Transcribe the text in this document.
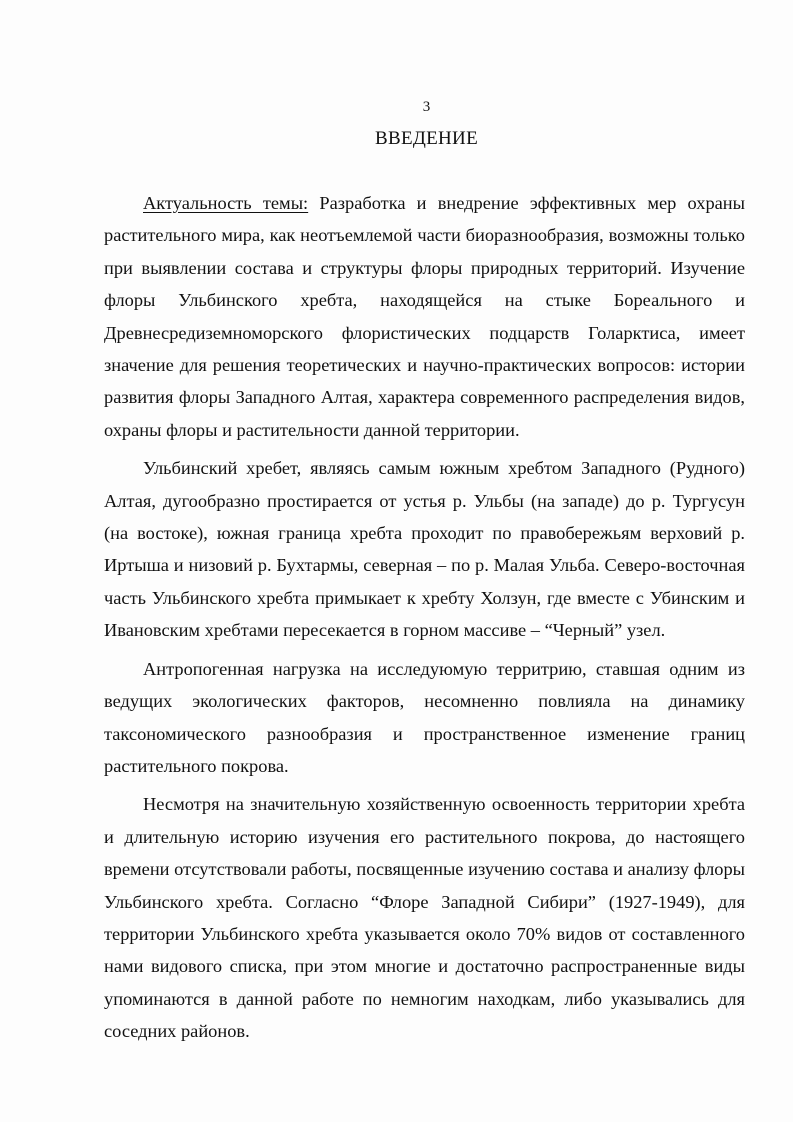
3
ВВЕДЕНИЕ

Актуальность темы: Разработка и внедрение эффективных мер охраны растительного мира, как неотъемлемой части биоразнообразия, возможны только при выявлении состава и структуры флоры природных территорий. Изучение флоры Ульбинского хребта, находящейся на стыке Бореального и Древнесредиземноморского флористических подцарств Голарктиса, имеет значение для решения теоретических и научно-практических вопросов: истории развития флоры Западного Алтая, характера современного распределения видов, охраны флоры и растительности данной территории.

Ульбинский хребет, являясь самым южным хребтом Западного (Рудного) Алтая, дугообразно простирается от устья р. Ульбы (на западе) до р. Тургусун (на востоке), южная граница хребта проходит по правобережьям верховий р. Иртыша и низовий р. Бухтармы, северная – по р. Малая Ульба. Северо-восточная часть Ульбинского хребта примыкает к хребту Холзун, где вместе с Убинским и Ивановским хребтами пересекается в горном массиве – “Черный” узел.

Антропогенная нагрузка на исследуюмую территрию, ставшая одним из ведущих экологических факторов, несомненно повлияла на динамику таксономического разнообразия и пространственное изменение границ растительного покрова.

Несмотря на значительную хозяйственную освоенность территории хребта и длительную историю изучения его растительного покрова, до настоящего времени отсутствовали работы, посвященные изучению состава и анализу флоры Ульбинского хребта. Согласно “Флоре Западной Сибири” (1927-1949), для территории Ульбинского хребта указывается около 70% видов от составленного нами видового списка, при этом многие и достаточно распространенные виды упоминаются в данной работе по немногим находкам, либо указывались для соседних районов.
